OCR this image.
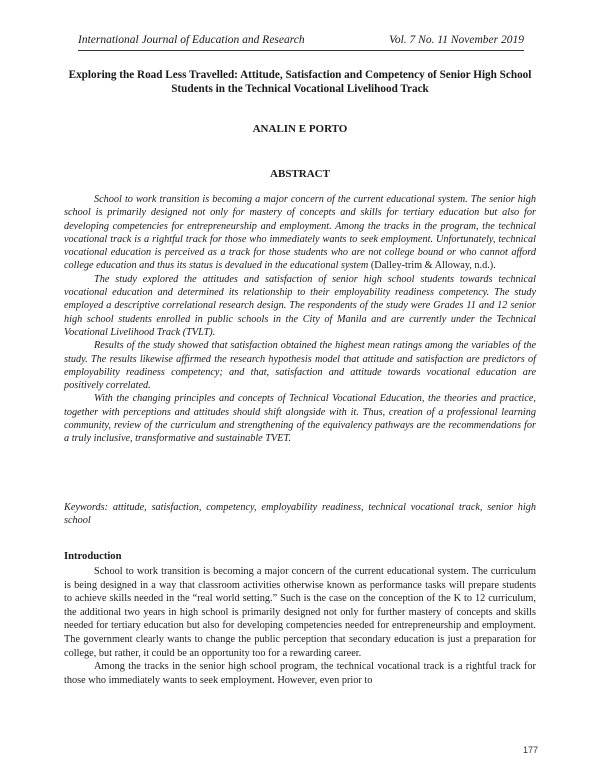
International Journal of Education and Research	Vol. 7 No. 11 November 2019
Exploring the Road Less Travelled: Attitude, Satisfaction and Competency of Senior High School Students in the Technical Vocational Livelihood Track
ANALIN E PORTO
ABSTRACT

School to work transition is becoming a major concern of the current educational system. The senior high school is primarily designed not only for mastery of concepts and skills for tertiary education but also for developing competencies for entrepreneurship and employment. Among the tracks in the program, the technical vocational track is a rightful track for those who immediately wants to seek employment. Unfortunately, technical vocational education is perceived as a track for those students who are not college bound or who cannot afford college education and thus its status is devalued in the educational system (Dalley-trim & Alloway, n.d.).

The study explored the attitudes and satisfaction of senior high school students towards technical vocational education and determined its relationship to their employability readiness competency. The study employed a descriptive correlational research design. The respondents of the study were Grades 11 and 12 senior high school students enrolled in public schools in the City of Manila and are currently under the Technical Vocational Livelihood Track (TVLT).

Results of the study showed that satisfaction obtained the highest mean ratings among the variables of the study. The results likewise affirmed the research hypothesis model that attitude and satisfaction are predictors of employability readiness competency; and that, satisfaction and attitude towards vocational education are positively correlated.

With the changing principles and concepts of Technical Vocational Education, the theories and practice, together with perceptions and attitudes should shift alongside with it. Thus, creation of a professional learning community, review of the curriculum and strengthening of the equivalency pathways are the recommendations for a truly inclusive, transformative and sustainable TVET.

Keywords: attitude, satisfaction, competency, employability readiness, technical vocational track, senior high school
Introduction

School to work transition is becoming a major concern of the current educational system. The curriculum is being designed in a way that classroom activities otherwise known as performance tasks will prepare students to achieve skills needed in the “real world setting.” Such is the case on the conception of the K to 12 curriculum, the additional two years in high school is primarily designed not only for further mastery of concepts and skills needed for tertiary education but also for developing competencies needed for entrepreneurship and employment. The government clearly wants to change the public perception that secondary education is just a preparation for college, but rather, it could be an opportunity too for a rewarding career.

Among the tracks in the senior high school program, the technical vocational track is a rightful track for those who immediately wants to seek employment. However, even prior to

177
